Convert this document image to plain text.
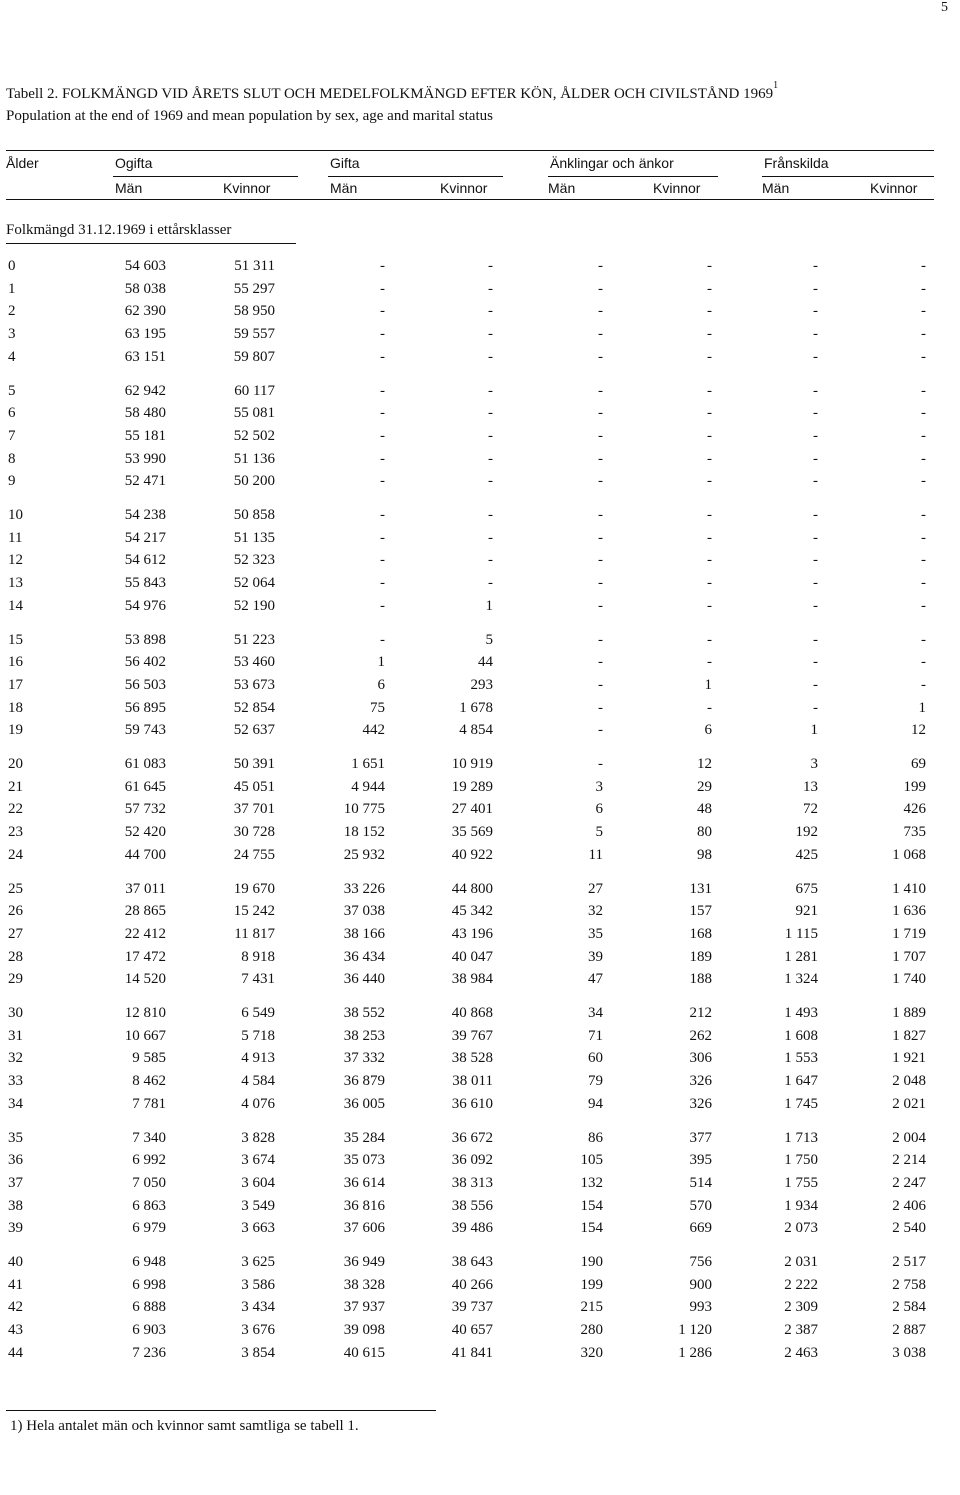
5
Tabell 2. FOLKMÄNGD VID ÅRETS SLUT OCH MEDELFOLKMÄNGD EFTER KÖN, ÅLDER OCH CIVILSTÅND 1969$^1$
Population at the end of 1969 and mean population by sex, age and marital status
Ålder	Ogifta	Gifta	Änklingar och änkor	Frånskilda
Män	Kvinnor	Män	Kvinnor	Män	Kvinnor	Män	Kvinnor
Folkmängd 31.12.1969 i ettårsklasser
0	54 603	51 311	-	-	-	-	-	-
1	58 038	55 297	-	-	-	-	-	-
2	62 390	58 950	-	-	-	-	-	-
3	63 195	59 557	-	-	-	-	-	-
4	63 151	59 807	-	-	-	-	-	-
5	62 942	60 117	-	-	-	-	-	-
6	58 480	55 081	-	-	-	-	-	-
7	55 181	52 502	-	-	-	-	-	-
8	53 990	51 136	-	-	-	-	-	-
9	52 471	50 200	-	-	-	-	-	-
10	54 238	50 858	-	-	-	-	-	-
11	54 217	51 135	-	-	-	-	-	-
12	54 612	52 323	-	-	-	-	-	-
13	55 843	52 064	-	-	-	-	-	-
14	54 976	52 190	-	1	-	-	-	-
15	53 898	51 223	-	5	-	-	-	-
16	56 402	53 460	1	44	-	-	-	-
17	56 503	53 673	6	293	-	1	-	-
18	56 895	52 854	75	1 678	-	-	-	1
19	59 743	52 637	442	4 854	-	6	1	12
20	61 083	50 391	1 651	10 919	-	12	3	69
21	61 645	45 051	4 944	19 289	3	29	13	199
22	57 732	37 701	10 775	27 401	6	48	72	426
23	52 420	30 728	18 152	35 569	5	80	192	735
24	44 700	24 755	25 932	40 922	11	98	425	1 068
25	37 011	19 670	33 226	44 800	27	131	675	1 410
26	28 865	15 242	37 038	45 342	32	157	921	1 636
27	22 412	11 817	38 166	43 196	35	168	1 115	1 719
28	17 472	8 918	36 434	40 047	39	189	1 281	1 707
29	14 520	7 431	36 440	38 984	47	188	1 324	1 740
30	12 810	6 549	38 552	40 868	34	212	1 493	1 889
31	10 667	5 718	38 253	39 767	71	262	1 608	1 827
32	9 585	4 913	37 332	38 528	60	306	1 553	1 921
33	8 462	4 584	36 879	38 011	79	326	1 647	2 048
34	7 781	4 076	36 005	36 610	94	326	1 745	2 021
35	7 340	3 828	35 284	36 672	86	377	1 713	2 004
36	6 992	3 674	35 073	36 092	105	395	1 750	2 214
37	7 050	3 604	36 614	38 313	132	514	1 755	2 247
38	6 863	3 549	36 816	38 556	154	570	1 934	2 406
39	6 979	3 663	37 606	39 486	154	669	2 073	2 540
40	6 948	3 625	36 949	38 643	190	756	2 031	2 517
41	6 998	3 586	38 328	40 266	199	900	2 222	2 758
42	6 888	3 434	37 937	39 737	215	993	2 309	2 584
43	6 903	3 676	39 098	40 657	280	1 120	2 387	2 887
44	7 236	3 854	40 615	41 841	320	1 286	2 463	3 038
1) Hela antalet män och kvinnor samt samtliga se tabell 1.
